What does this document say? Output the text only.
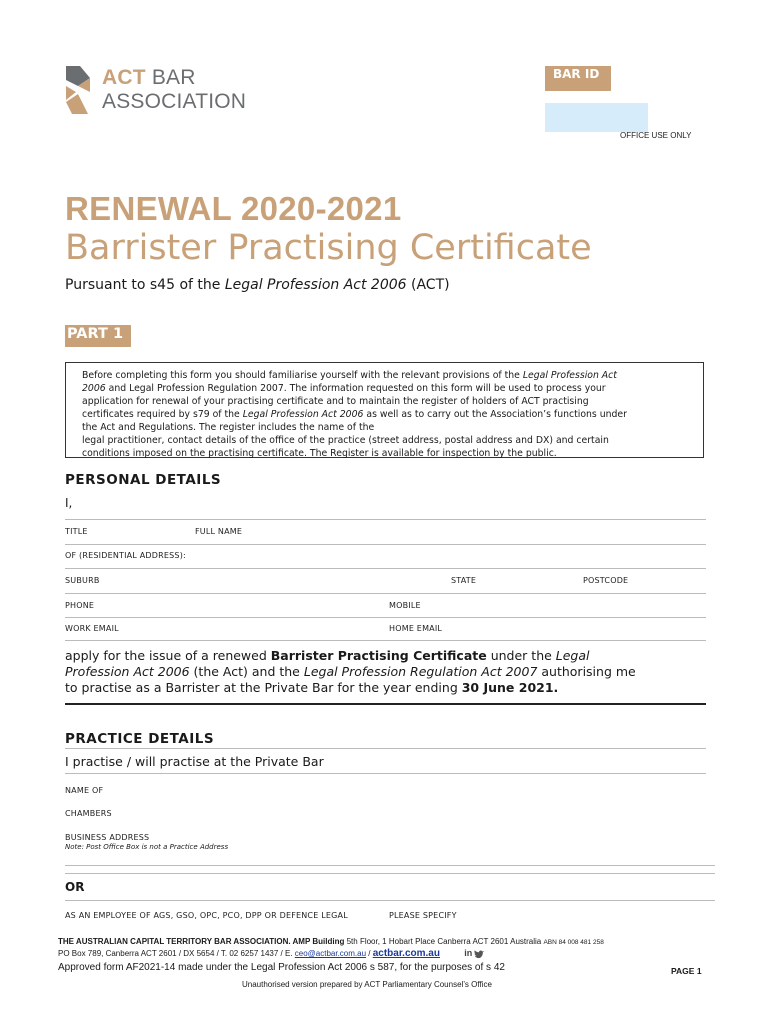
ACT BAR
ASSOCIATION
BAR ID
OFFICE USE ONLY
RENEWAL 2020-2021
Barrister Practising Certificate
Pursuant to s45 of the Legal Profession Act 2006 (ACT)
PART 1
Before completing this form you should familiarise yourself with the relevant provisions of the Legal Profession Act
2006 and Legal Profession Regulation 2007. The information requested on this form will be used to process your
application for renewal of your practising certificate and to maintain the register of holders of ACT practising
certificates required by s79 of the Legal Profession Act 2006 as well as to carry out the Association’s functions under
the Act and Regulations. The register includes the name of the
legal practitioner, contact details of the office of the practice (street address, postal address and DX) and certain
conditions imposed on the practising certificate. The Register is available for inspection by the public.
PERSONAL DETAILS
I,
TITLE	FULL NAME
OF (RESIDENTIAL ADDRESS):
SUBURB	STATE	POSTCODE
PHONE	MOBILE
WORK EMAIL	HOME EMAIL
apply for the issue of a renewed Barrister Practising Certificate under the Legal
Profession Act 2006 (the Act) and the Legal Profession Regulation Act 2007 authorising me
to practise as a Barrister at the Private Bar for the year ending 30 June 2021.
PRACTICE DETAILS
I practise / will practise at the Private Bar
NAME OF
CHAMBERS
BUSINESS ADDRESS
Note: Post Office Box is not a Practice Address
OR
AS AN EMPLOYEE OF AGS, GSO, OPC, PCO, DPP OR DEFENCE LEGAL	PLEASE SPECIFY
THE AUSTRALIAN CAPITAL TERRITORY BAR ASSOCIATION. AMP Building 5th Floor, 1 Hobart Place Canberra ACT 2601 Australia ABN 84 008 481 258
PO Box 789, Canberra ACT 2601 / DX 5654 / T. 02 6257 1437 / E. ceo@actbar.com.au / actbar.com.au	in
Approved form AF2021-14 made under the Legal Profession Act 2006 s 587, for the purposes of s 42	PAGE 1
Unauthorised version prepared by ACT Parliamentary Counsel’s Office
